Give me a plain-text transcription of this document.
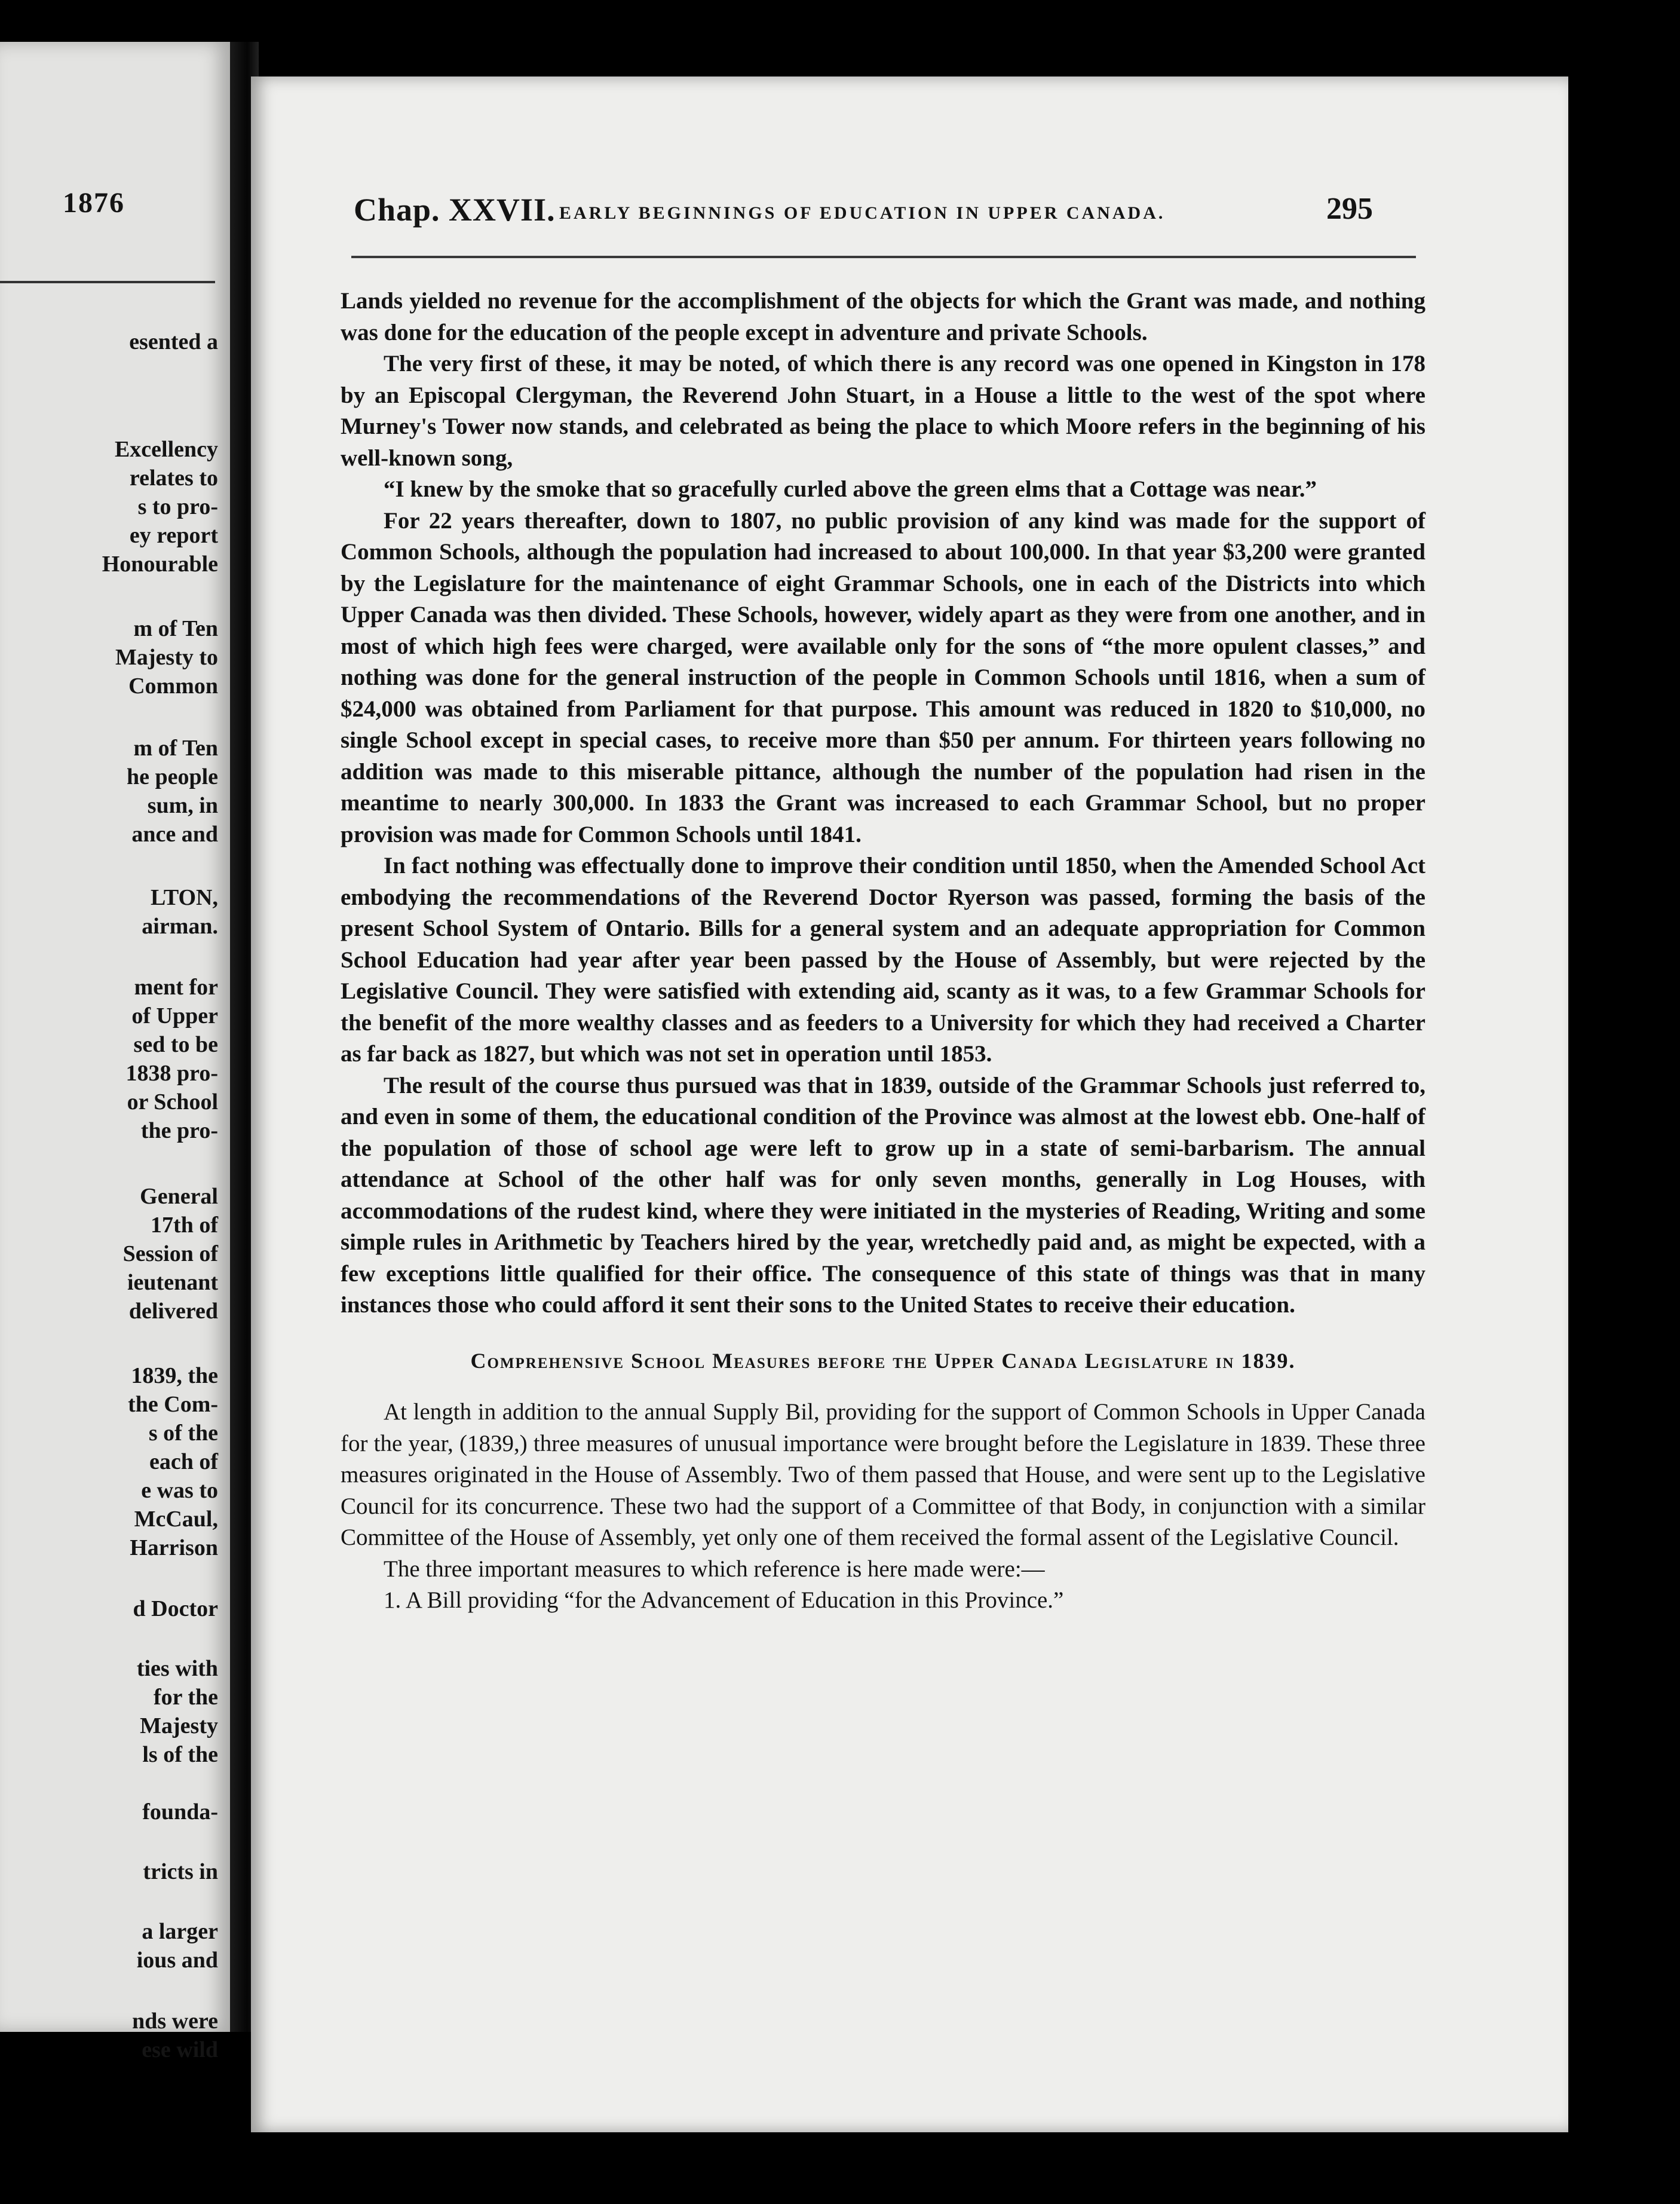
1876
esented a
Excellency
relates to
s to pro-
ey report
Honourable
m of Ten
Majesty to
Common
m of Ten
he people
sum, in
ance and
LTON,
airman.
ment for
of Upper
sed to be
1838 pro-
or School
the pro-
General
17th of
Session of
ieutenant
delivered
1839, the
the Com-
s of the
each of
e was to
McCaul,
Harrison
d Doctor
ties with
for the
Majesty
ls of the
founda-
tricts in
a larger
ious and
nds were
ese wild
Chap. XXVII. EARLY BEGINNINGS OF EDUCATION IN UPPER CANADA.	295

Lands yielded no revenue for the accomplishment of the objects for which the Grant was made, and nothing was done for the education of the people except in adventure and private Schools.

The very first of these, it may be noted, of which there is any record was one opened in Kingston in 178 by an Episcopal Clergyman, the Reverend John Stuart, in a House a little to the west of the spot where Murney's Tower now stands, and celebrated as being the place to which Moore refers in the beginning of his well-known song,

“I knew by the smoke that so gracefully curled above the green elms that a Cottage was near.”

For 22 years thereafter, down to 1807, no public provision of any kind was made for the support of Common Schools, although the population had increased to about 100,000. In that year $3,200 were granted by the Legislature for the maintenance of eight Grammar Schools, one in each of the Districts into which Upper Canada was then divided. These Schools, however, widely apart as they were from one another, and in most of which high fees were charged, were available only for the sons of “the more opulent classes,” and nothing was done for the general instruction of the people in Common Schools until 1816, when a sum of $24,000 was obtained from Parliament for that purpose. This amount was reduced in 1820 to $10,000, no single School except in special cases, to receive more than $50 per annum. For thirteen years following no addition was made to this miserable pittance, although the number of the population had risen in the meantime to nearly 300,000. In 1833 the Grant was increased to each Grammar School, but no proper provision was made for Common Schools until 1841.

In fact nothing was effectually done to improve their condition until 1850, when the Amended School Act embodying the recommendations of the Reverend Doctor Ryerson was passed, forming the basis of the present School System of Ontario. Bills for a general system and an adequate appropriation for Common School Education had year after year been passed by the House of Assembly, but were rejected by the Legislative Council. They were satisfied with extending aid, scanty as it was, to a few Grammar Schools for the benefit of the more wealthy classes and as feeders to a University for which they had received a Charter as far back as 1827, but which was not set in operation until 1853.

The result of the course thus pursued was that in 1839, outside of the Grammar Schools just referred to, and even in some of them, the educational condition of the Province was almost at the lowest ebb. One-half of the population of those of school age were left to grow up in a state of semi-barbarism. The annual attendance at School of the other half was for only seven months, generally in Log Houses, with accommodations of the rudest kind, where they were initiated in the mysteries of Reading, Writing and some simple rules in Arithmetic by Teachers hired by the year, wretchedly paid and, as might be expected, with a few exceptions little qualified for their office. The consequence of this state of things was that in many instances those who could afford it sent their sons to the United States to receive their education.

Comprehensive School Measures before the Upper Canada Legislature in 1839.

At length in addition to the annual Supply Bil, providing for the support of Common Schools in Upper Canada for the year, (1839,) three measures of unusual importance were brought before the Legislature in 1839. These three measures originated in the House of Assembly. Two of them passed that House, and were sent up to the Legislative Council for its concurrence. These two had the support of a Committee of that Body, in conjunction with a similar Committee of the House of Assembly, yet only one of them received the formal assent of the Legislative Council.

The three important measures to which reference is here made were:—

1. A Bill providing “for the Advancement of Education in this Province.”
